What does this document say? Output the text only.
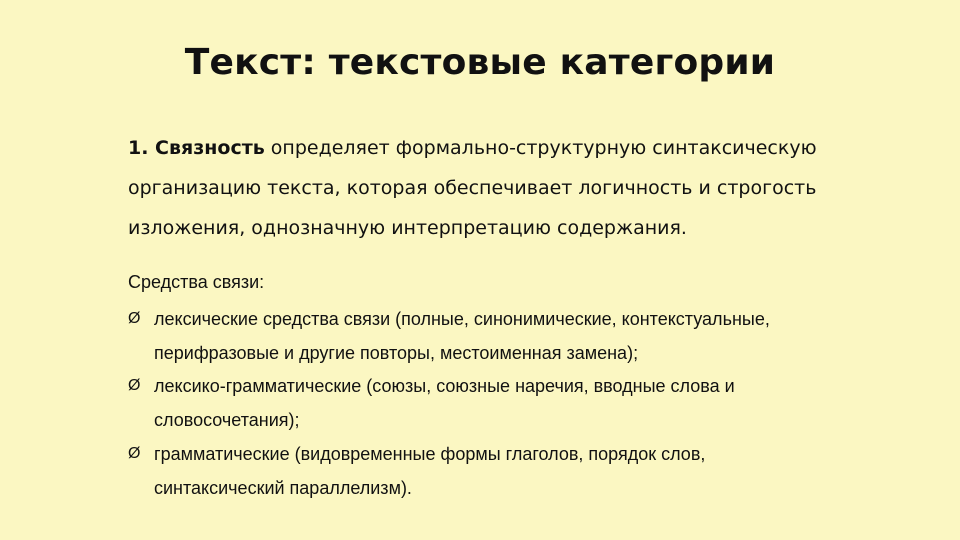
Текст: текстовые категории
1. Связность определяет формально-структурную синтаксическую организацию текста, которая обеспечивает логичность и строгость изложения, однозначную интерпретацию содержания.
Средства связи:
Ø лексические средства связи (полные, синонимические, контекстуальные, перифразовые и другие повторы, местоименная замена);
Ø лексико-грамматические (союзы, союзные наречия, вводные слова и словосочетания);
Ø грамматические (видовременные формы глаголов, порядок слов, синтаксический параллелизм).
